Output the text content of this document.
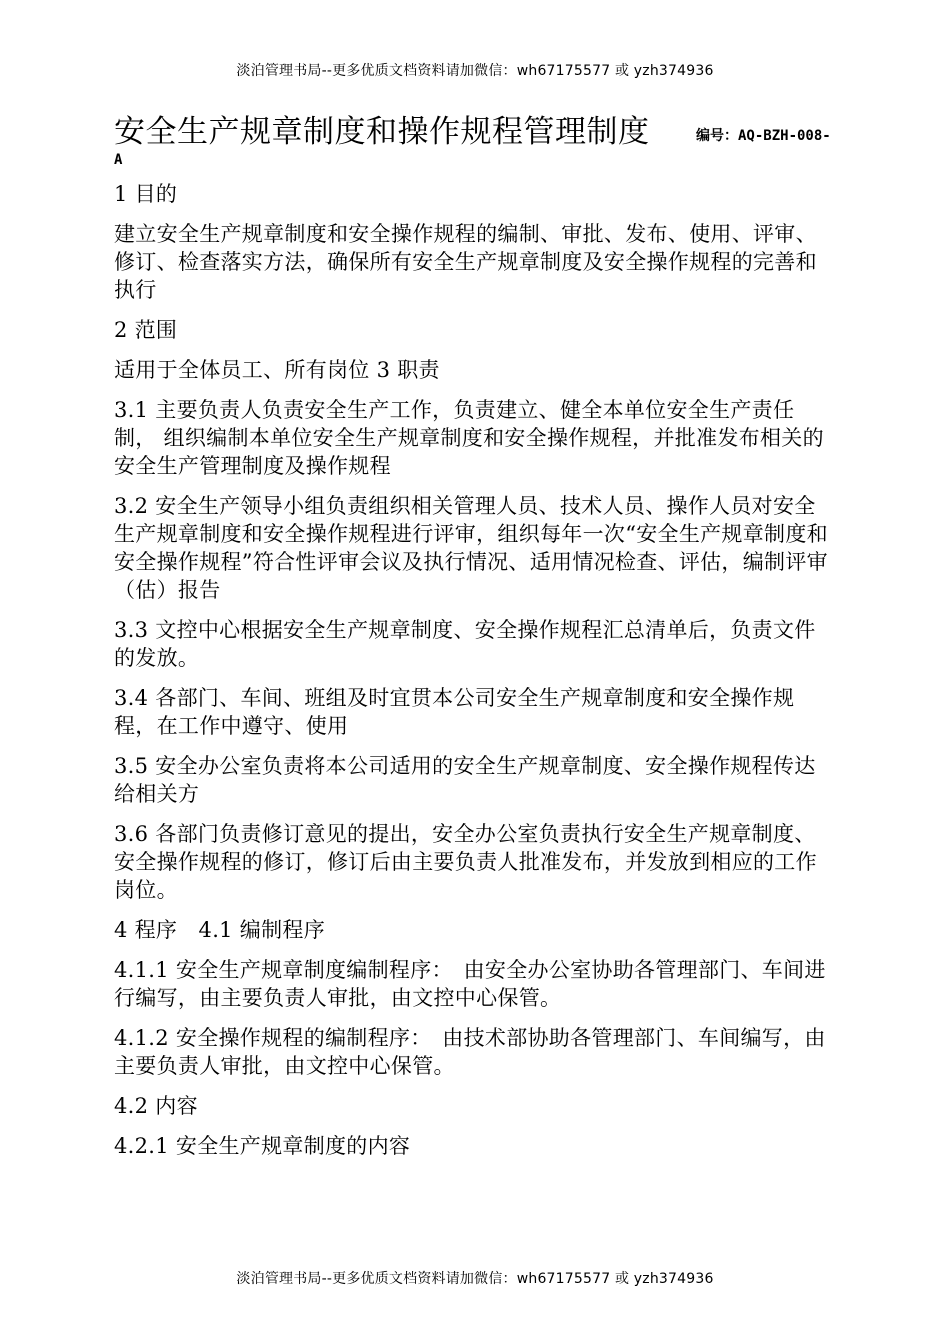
淡泊管理书局--更多优质文档资料请加微信：wh67175577 或 yzh374936
安全生产规章制度和操作规程管理制度	编号：AQ-BZH-008-
A

1 目的

建立安全生产规章制度和安全操作规程的编制、审批、发布、使用、评审、修订、检查落实方法，确保所有安全生产规章制度及安全操作规程的完善和执行

2 范围

适用于全体员工、所有岗位 3 职责

3.1 主要负责人负责安全生产工作，负责建立、健全本单位安全生产责任制， 组织编制本单位安全生产规章制度和安全操作规程，并批准发布相关的安全生产管理制度及操作规程

3.2 安全生产领导小组负责组织相关管理人员、技术人员、操作人员对安全生产规章制度和安全操作规程进行评审，组织每年一次“安全生产规章制度和安全操作规程”符合性评审会议及执行情况、适用情况检查、评估，编制评审（估）报告

3.3 文控中心根据安全生产规章制度、安全操作规程汇总清单后，负责文件的发放。

3.4 各部门、车间、班组及时宜贯本公司安全生产规章制度和安全操作规程，在工作中遵守、使用

3.5 安全办公室负责将本公司适用的安全生产规章制度、安全操作规程传达给相关方

3.6 各部门负责修订意见的提出，安全办公室负责执行安全生产规章制度、安全操作规程的修订，修订后由主要负责人批准发布，并发放到相应的工作岗位。

4 程序　4.1 编制程序

4.1.1 安全生产规章制度编制程序：　由安全办公室协助各管理部门、车间进行编写，由主要负责人审批，由文控中心保管。

4.1.2 安全操作规程的编制程序：　由技术部协助各管理部门、车间编写，由主要负责人审批，由文控中心保管。

4.2 内容

4.2.1 安全生产规章制度的内容

淡泊管理书局--更多优质文档资料请加微信：wh67175577 或 yzh374936
